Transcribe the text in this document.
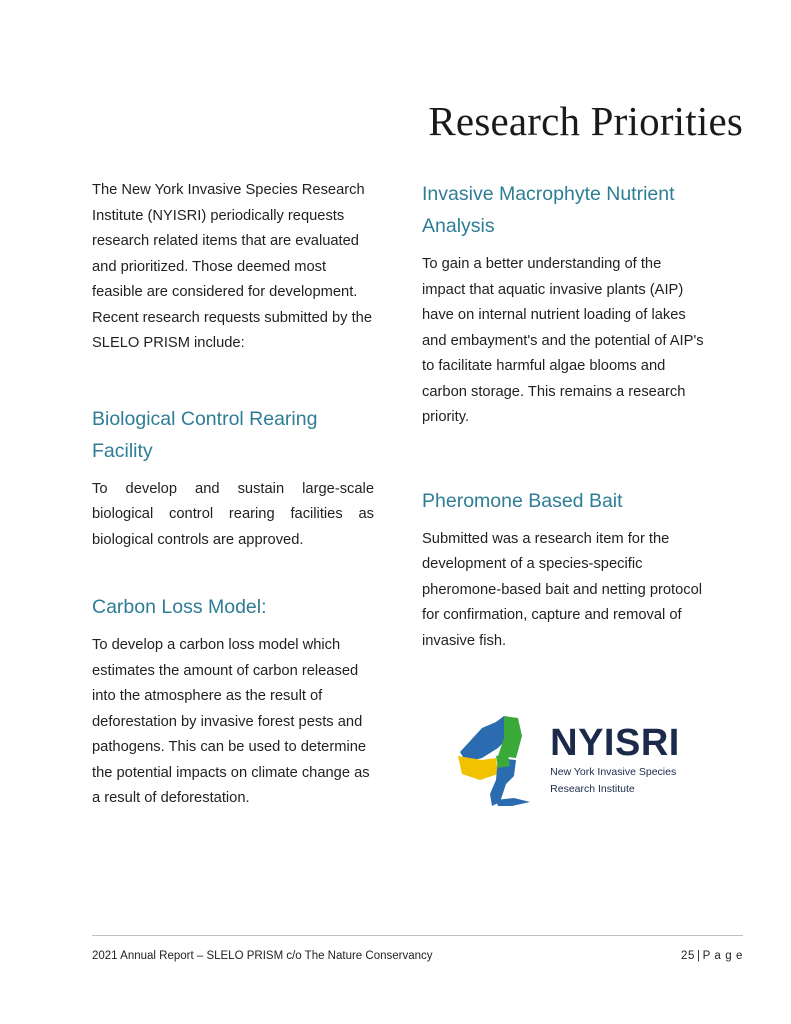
Research Priorities

The New York Invasive Species Research Institute (NYISRI) periodically requests research related items that are evaluated and prioritized. Those deemed most feasible are considered for development. Recent research requests submitted by the SLELO PRISM include:

Biological Control Rearing Facility

To develop and sustain large-scale biological control rearing facilities as biological controls are approved.

Carbon Loss Model:

To develop a carbon loss model which estimates the amount of carbon released into the atmosphere as the result of deforestation by invasive forest pests and pathogens. This can be used to determine the potential impacts on climate change as a result of deforestation.

Invasive Macrophyte Nutrient Analysis

To gain a better understanding of the impact that aquatic invasive plants (AIP) have on internal nutrient loading of lakes and embayment's and the potential of AIP's to facilitate harmful algae blooms and carbon storage. This remains a research priority.

Pheromone Based Bait

Submitted was a research item for the development of a species-specific pheromone-based bait and netting protocol for confirmation, capture and removal of invasive fish.

NYISRI
New York Invasive Species
Research Institute
2021 Annual Report – SLELO PRISM c/o The Nature Conservancy	25 | P a g e
